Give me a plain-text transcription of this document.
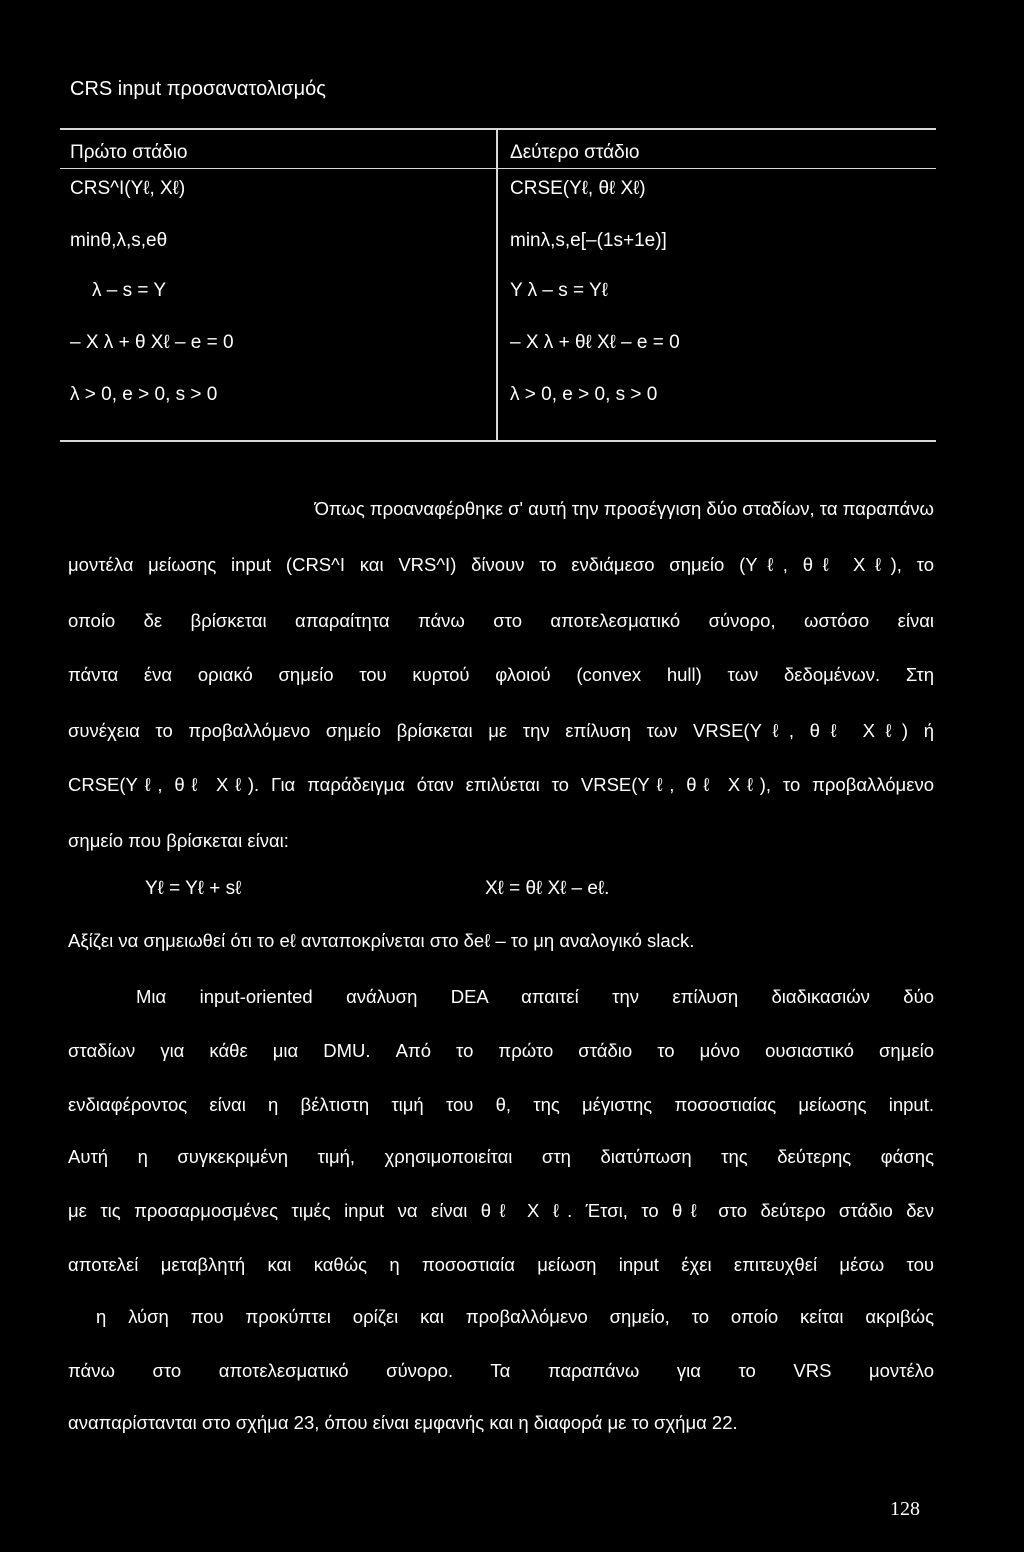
CRS input προσανατολισμός
Πρώτο στάδιο	Δεύτερο στάδιο
CRS^I(Yℓ, Xℓ)
minθ,λ,s,eθ
λ – s = Y
– X λ + θ Xℓ – e = 0
λ > 0, e > 0, s > 0
CRSE(Yℓ, θℓ Xℓ)
minλ,s,e[–(1s+1e)]
Y λ – s = Yℓ
– X λ + θℓ Xℓ – e = 0
λ > 0, e > 0, s > 0
Όπως προαναφέρθηκε σ' αυτή την προσέγγιση δύο σταδίων, τα παραπάνω
μοντέλα μείωσης input (CRS^I και VRS^I) δίνουν το ενδιάμεσο σημείο (Yℓ, θℓ Xℓ), το
οποίο δε βρίσκεται απαραίτητα πάνω στο αποτελεσματικό σύνορο, ωστόσο είναι
πάντα ένα οριακό σημείο του κυρτού φλοιού (convex hull) των δεδομένων. Στη
συνέχεια το προβαλλόμενο σημείο βρίσκεται με την επίλυση των VRSE(Yℓ, θℓ Xℓ) ή
CRSE(Yℓ, θℓ Xℓ). Για παράδειγμα όταν επιλύεται το VRSE(Yℓ, θℓ Xℓ), το προβαλλόμενο
σημείο που βρίσκεται είναι:
Yℓ = Yℓ + sℓ	Xℓ = θℓ Xℓ – eℓ.
Αξίζει να σημειωθεί ότι το eℓ ανταποκρίνεται στο δeℓ – το μη αναλογικό slack.
Μια input-oriented ανάλυση DEA απαιτεί την επίλυση διαδικασιών δύο
σταδίων για κάθε μια DMU. Από το πρώτο στάδιο το μόνο ουσιαστικό σημείο
ενδιαφέροντος είναι η βέλτιστη τιμή του θ, της μέγιστης ποσοστιαίας μείωσης input.
Αυτή η συγκεκριμένη τιμή, χρησιμοποιείται στη διατύπωση της δεύτερης φάσης
με τις προσαρμοσμένες τιμές input να είναι θℓ X ℓ. Έτσι, το θℓ στο δεύτερο στάδιο δεν
αποτελεί μεταβλητή και καθώς η ποσοστιαία μείωση input έχει επιτευχθεί μέσω του
η λύση που προκύπτει ορίζει και προβαλλόμενο σημείο, το οποίο κείται ακριβώς
πάνω στο αποτελεσματικό σύνορο. Τα παραπάνω για το VRS μοντέλο
αναπαρίστανται στο σχήμα 23, όπου είναι εμφανής και η διαφορά με το σχήμα 22.
128
